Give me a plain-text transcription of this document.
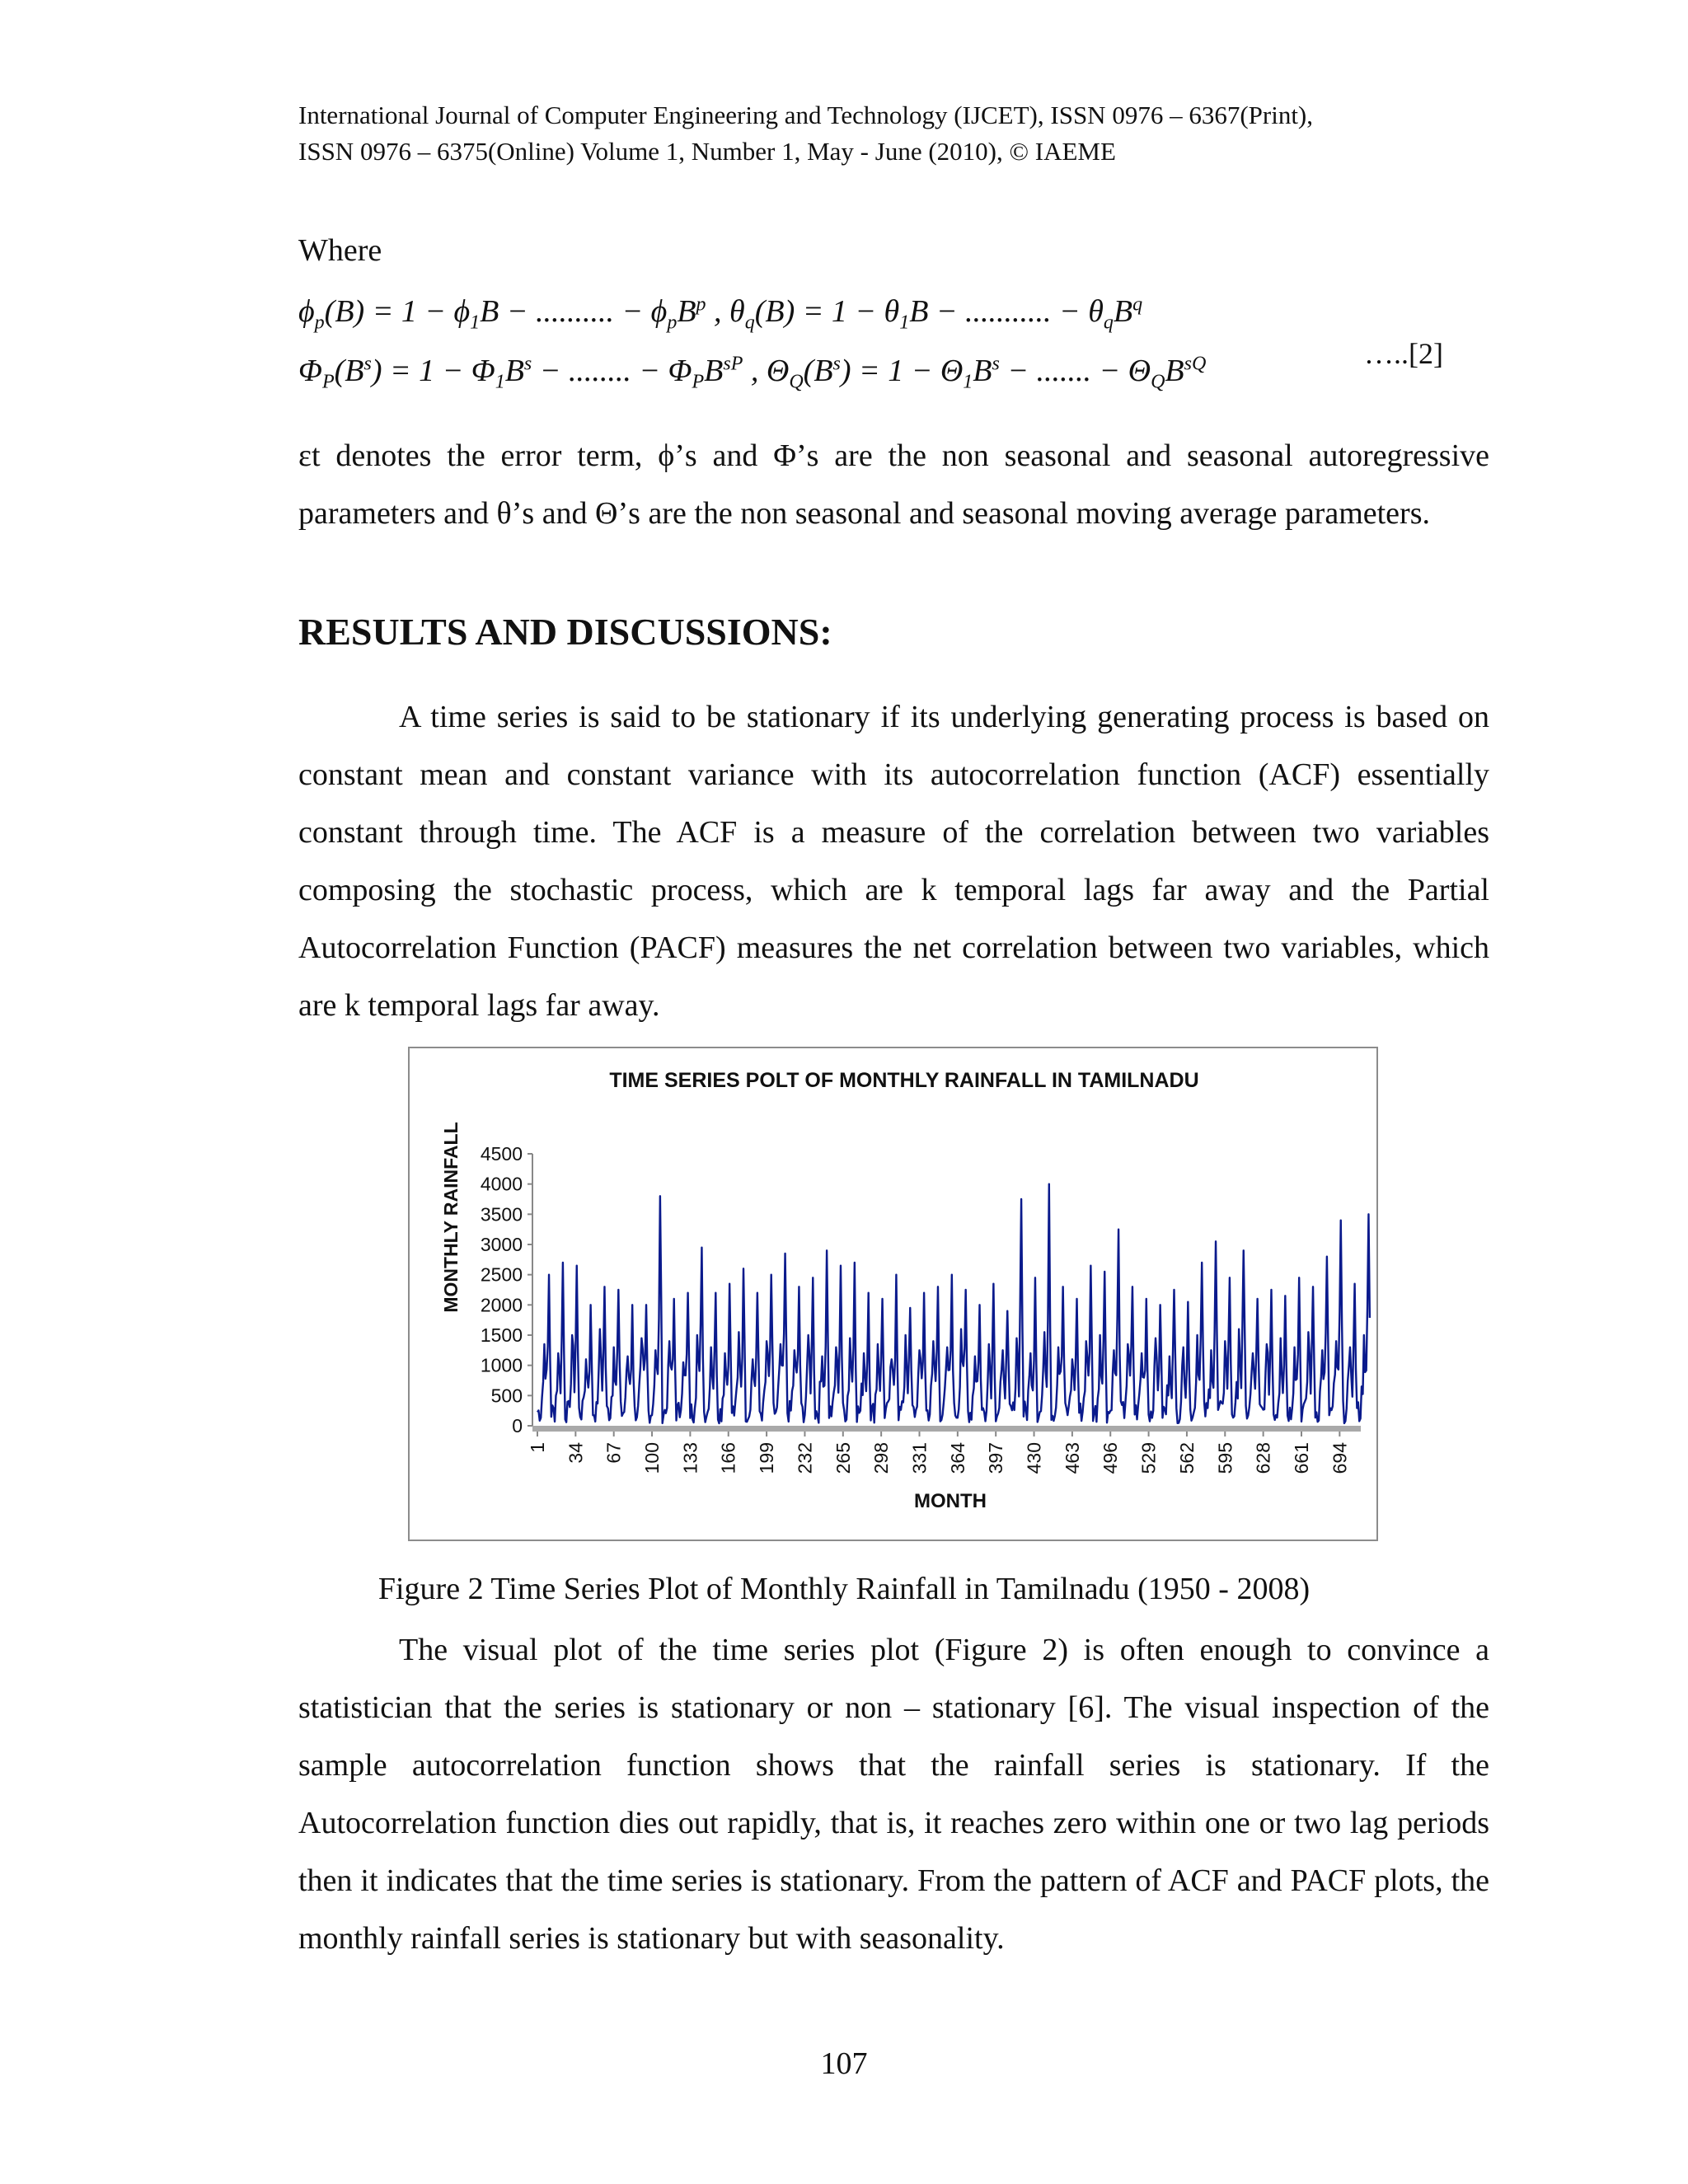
International Journal of Computer Engineering and Technology (IJCET), ISSN 0976 – 6367(Print),
ISSN 0976 – 6375(Online) Volume 1, Number 1, May - June (2010), © IAEME
Where
$\phi_p(B) = 1 - \phi_1B$ − .......... − $\phi_pB^p$ , $\theta_q(B) = 1 - \theta_1B$ − ........... − $\theta_qB^q$
$\Phi_P(B^s) = 1 - \Phi_1B^s$ − ........ − $\Phi_PB^{sP}$ , $\Theta_Q(B^s) = 1 - \Theta_1B^s$ − ....... − $\Theta_QB^{sQ}$	…..[2]

εt denotes the error term, ϕ’s and Φ’s are the non seasonal and seasonal autoregressive parameters and θ’s and Θ’s are the non seasonal and seasonal moving average parameters.

RESULTS AND DISCUSSIONS:

A time series is said to be stationary if its underlying generating process is based on constant mean and constant variance with its autocorrelation function (ACF) essentially constant through time. The ACF is a measure of the correlation between two variables composing the stochastic process, which are k temporal lags far away and the Partial Autocorrelation Function (PACF) measures the net correlation between two variables, which are k temporal lags far away.

TIME SERIES POLT OF MONTHLY RAINFALL IN TAMILNADU
MONTHLY RAINFALL
MONTH
0
500
1000
1500
2000
2500
3000
3500
4000
4500
1 34 67 100 133 166 199 232 265 298 331 364 397 430 463 496 529 562 595 628 661 694

Figure 2 Time Series Plot of Monthly Rainfall in Tamilnadu (1950 - 2008)

The visual plot of the time series plot (Figure 2) is often enough to convince a statistician that the series is stationary or non – stationary [6]. The visual inspection of the sample autocorrelation function shows that the rainfall series is stationary. If the Autocorrelation function dies out rapidly, that is, it reaches zero within one or two lag periods then it indicates that the time series is stationary. From the pattern of ACF and PACF plots, the monthly rainfall series is stationary but with seasonality.

107
